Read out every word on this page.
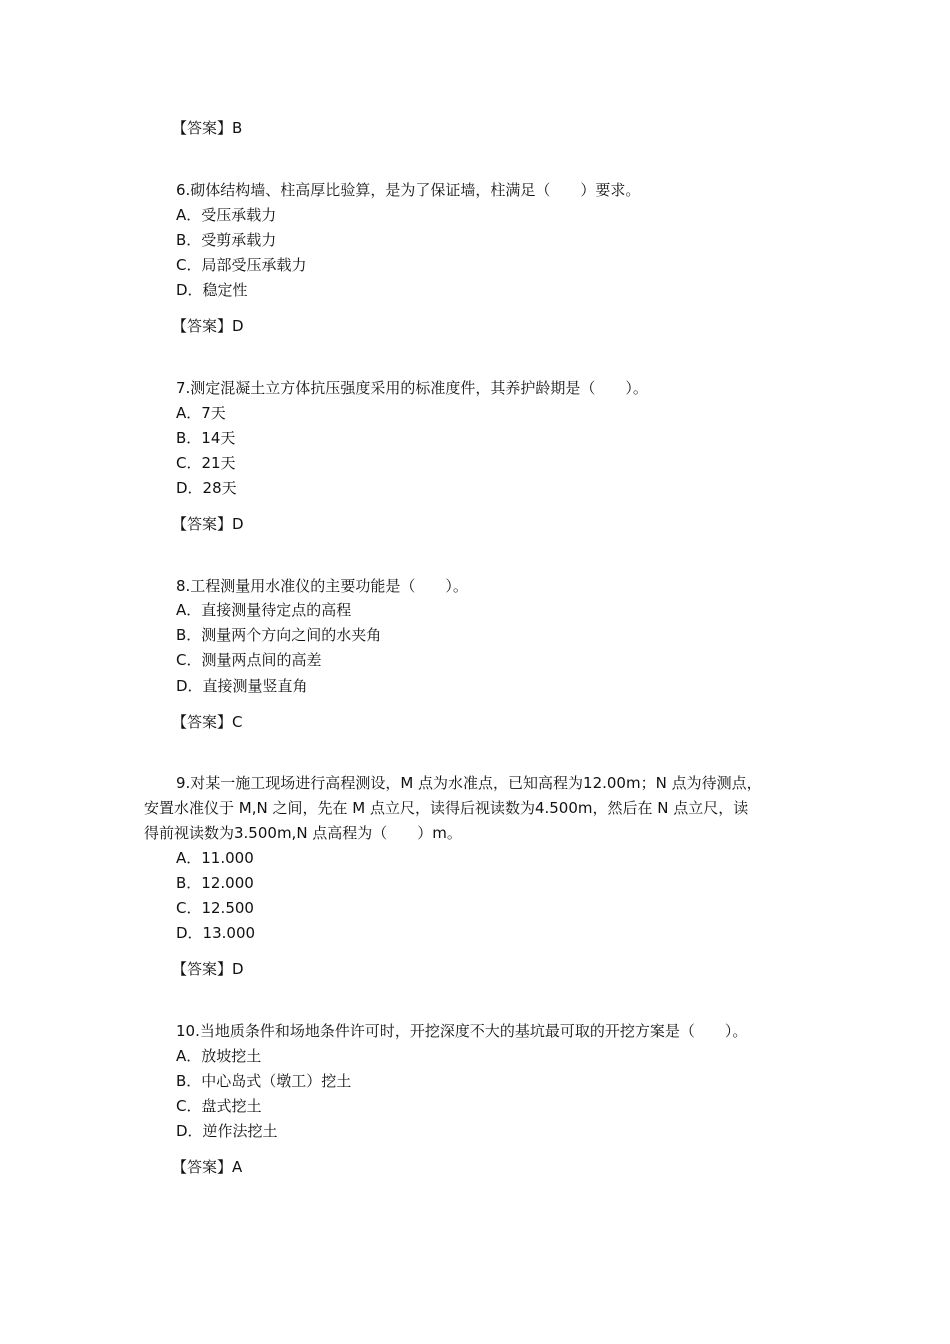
【答案】B
6.砌体结构墙、柱高厚比验算，是为了保证墙，柱满足（　　）要求。
A．受压承载力
B．受剪承载力
C．局部受压承载力
D．稳定性
【答案】D
7.测定混凝土立方体抗压强度采用的标准度件，其养护龄期是（　　）。
A．7天
B．14天
C．21天
D．28天
【答案】D
8.工程测量用水准仪的主要功能是（　　）。
A．直接测量待定点的高程
B．测量两个方向之间的水夹角
C．测量两点间的高差
D．直接测量竖直角
【答案】C
9.对某一施工现场进行高程测设，M 点为水准点，已知高程为12.00m；N 点为待测点，
安置水准仪于 M,N 之间，先在 M 点立尺，读得后视读数为4.500m，然后在 N 点立尺，读
得前视读数为3.500m,N 点高程为（　　）m。
A．11.000
B．12.000
C．12.500
D．13.000
【答案】D
10.当地质条件和场地条件许可时，开挖深度不大的基坑最可取的开挖方案是（　　）。
A．放坡挖土
B．中心岛式（墩工）挖土
C．盘式挖土
D．逆作法挖土
【答案】A
